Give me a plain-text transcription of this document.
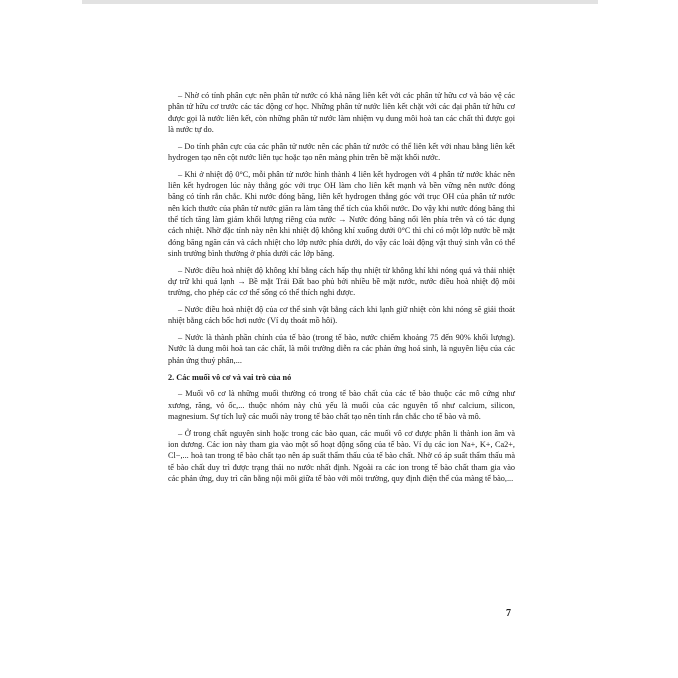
– Nhờ có tính phân cực nên phân tử nước có khả năng liên kết với các phân tử hữu cơ và bảo vệ các phân tử hữu cơ trước các tác động cơ học. Những phân tử nước liên kết chặt với các đại phân tử hữu cơ được gọi là nước liên kết, còn những phân tử nước làm nhiệm vụ dung môi hoà tan các chất thì được gọi là nước tự do.

– Do tính phân cực của các phân tử nước nên các phân tử nước có thể liên kết với nhau bằng liên kết hydrogen tạo nên cột nước liên tục hoặc tạo nên màng phin trên bề mặt khối nước.

– Khi ở nhiệt độ 0°C, mỗi phân tử nước hình thành 4 liên kết hydrogen với 4 phân tử nước khác nên liên kết hydrogen lúc này thẳng góc với trục OH làm cho liên kết mạnh và bền vững nên nước đóng băng có tính rắn chắc. Khi nước đóng băng, liên kết hydrogen thẳng góc với trục OH của phân tử nước nên kích thước của phân tử nước giãn ra làm tăng thể tích của khối nước. Do vậy khi nước đóng băng thì thể tích tăng làm giảm khối lượng riêng của nước → Nước đóng băng nổi lên phía trên và có tác dụng cách nhiệt. Nhờ đặc tính này nên khi nhiệt độ không khí xuống dưới 0°C thì chỉ có một lớp nước bề mặt đóng băng ngăn cản và cách nhiệt cho lớp nước phía dưới, do vậy các loài động vật thuỷ sinh vẫn có thể sinh trưởng bình thường ở phía dưới các lớp băng.

– Nước điều hoà nhiệt độ không khí bằng cách hấp thụ nhiệt từ không khí khi nóng quá và thải nhiệt dự trữ khi quá lạnh → Bề mặt Trái Đất bao phủ bởi nhiều bề mặt nước, nước điều hoà nhiệt độ môi trường, cho phép các cơ thể sống có thể thích nghi được.

– Nước điều hoà nhiệt độ của cơ thể sinh vật bằng cách khi lạnh giữ nhiệt còn khi nóng sẽ giải thoát nhiệt bằng cách bốc hơi nước (Ví dụ thoát mồ hôi).

– Nước là thành phần chính của tế bào (trong tế bào, nước chiếm khoảng 75 đến 90% khối lượng). Nước là dung môi hoà tan các chất, là môi trường diễn ra các phản ứng hoá sinh, là nguyên liệu của các phản ứng thuỷ phân,...

2. Các muối vô cơ và vai trò của nó

– Muối vô cơ là những muối thường có trong tế bào chất của các tế bào thuộc các mô cứng như xương, răng, vỏ ốc,... thuộc nhóm này chủ yếu là muối của các nguyên tố như calcium, silicon, magnesium. Sự tích luỹ các muối này trong tế bào chất tạo nên tính rắn chắc cho tế bào và mô.

– Ở trong chất nguyên sinh hoặc trong các bào quan, các muối vô cơ được phân li thành ion âm và ion dương. Các ion này tham gia vào một số hoạt động sống của tế bào. Ví dụ các ion Na+, K+, Ca2+, Cl−,... hoà tan trong tế bào chất tạo nên áp suất thẩm thấu của tế bào chất. Nhờ có áp suất thẩm thấu mà tế bào chất duy trì được trạng thái no nước nhất định. Ngoài ra các ion trong tế bào chất tham gia vào các phản ứng, duy trì cân bằng nội môi giữa tế bào với môi trường, quy định điện thế của màng tế bào,...

7
